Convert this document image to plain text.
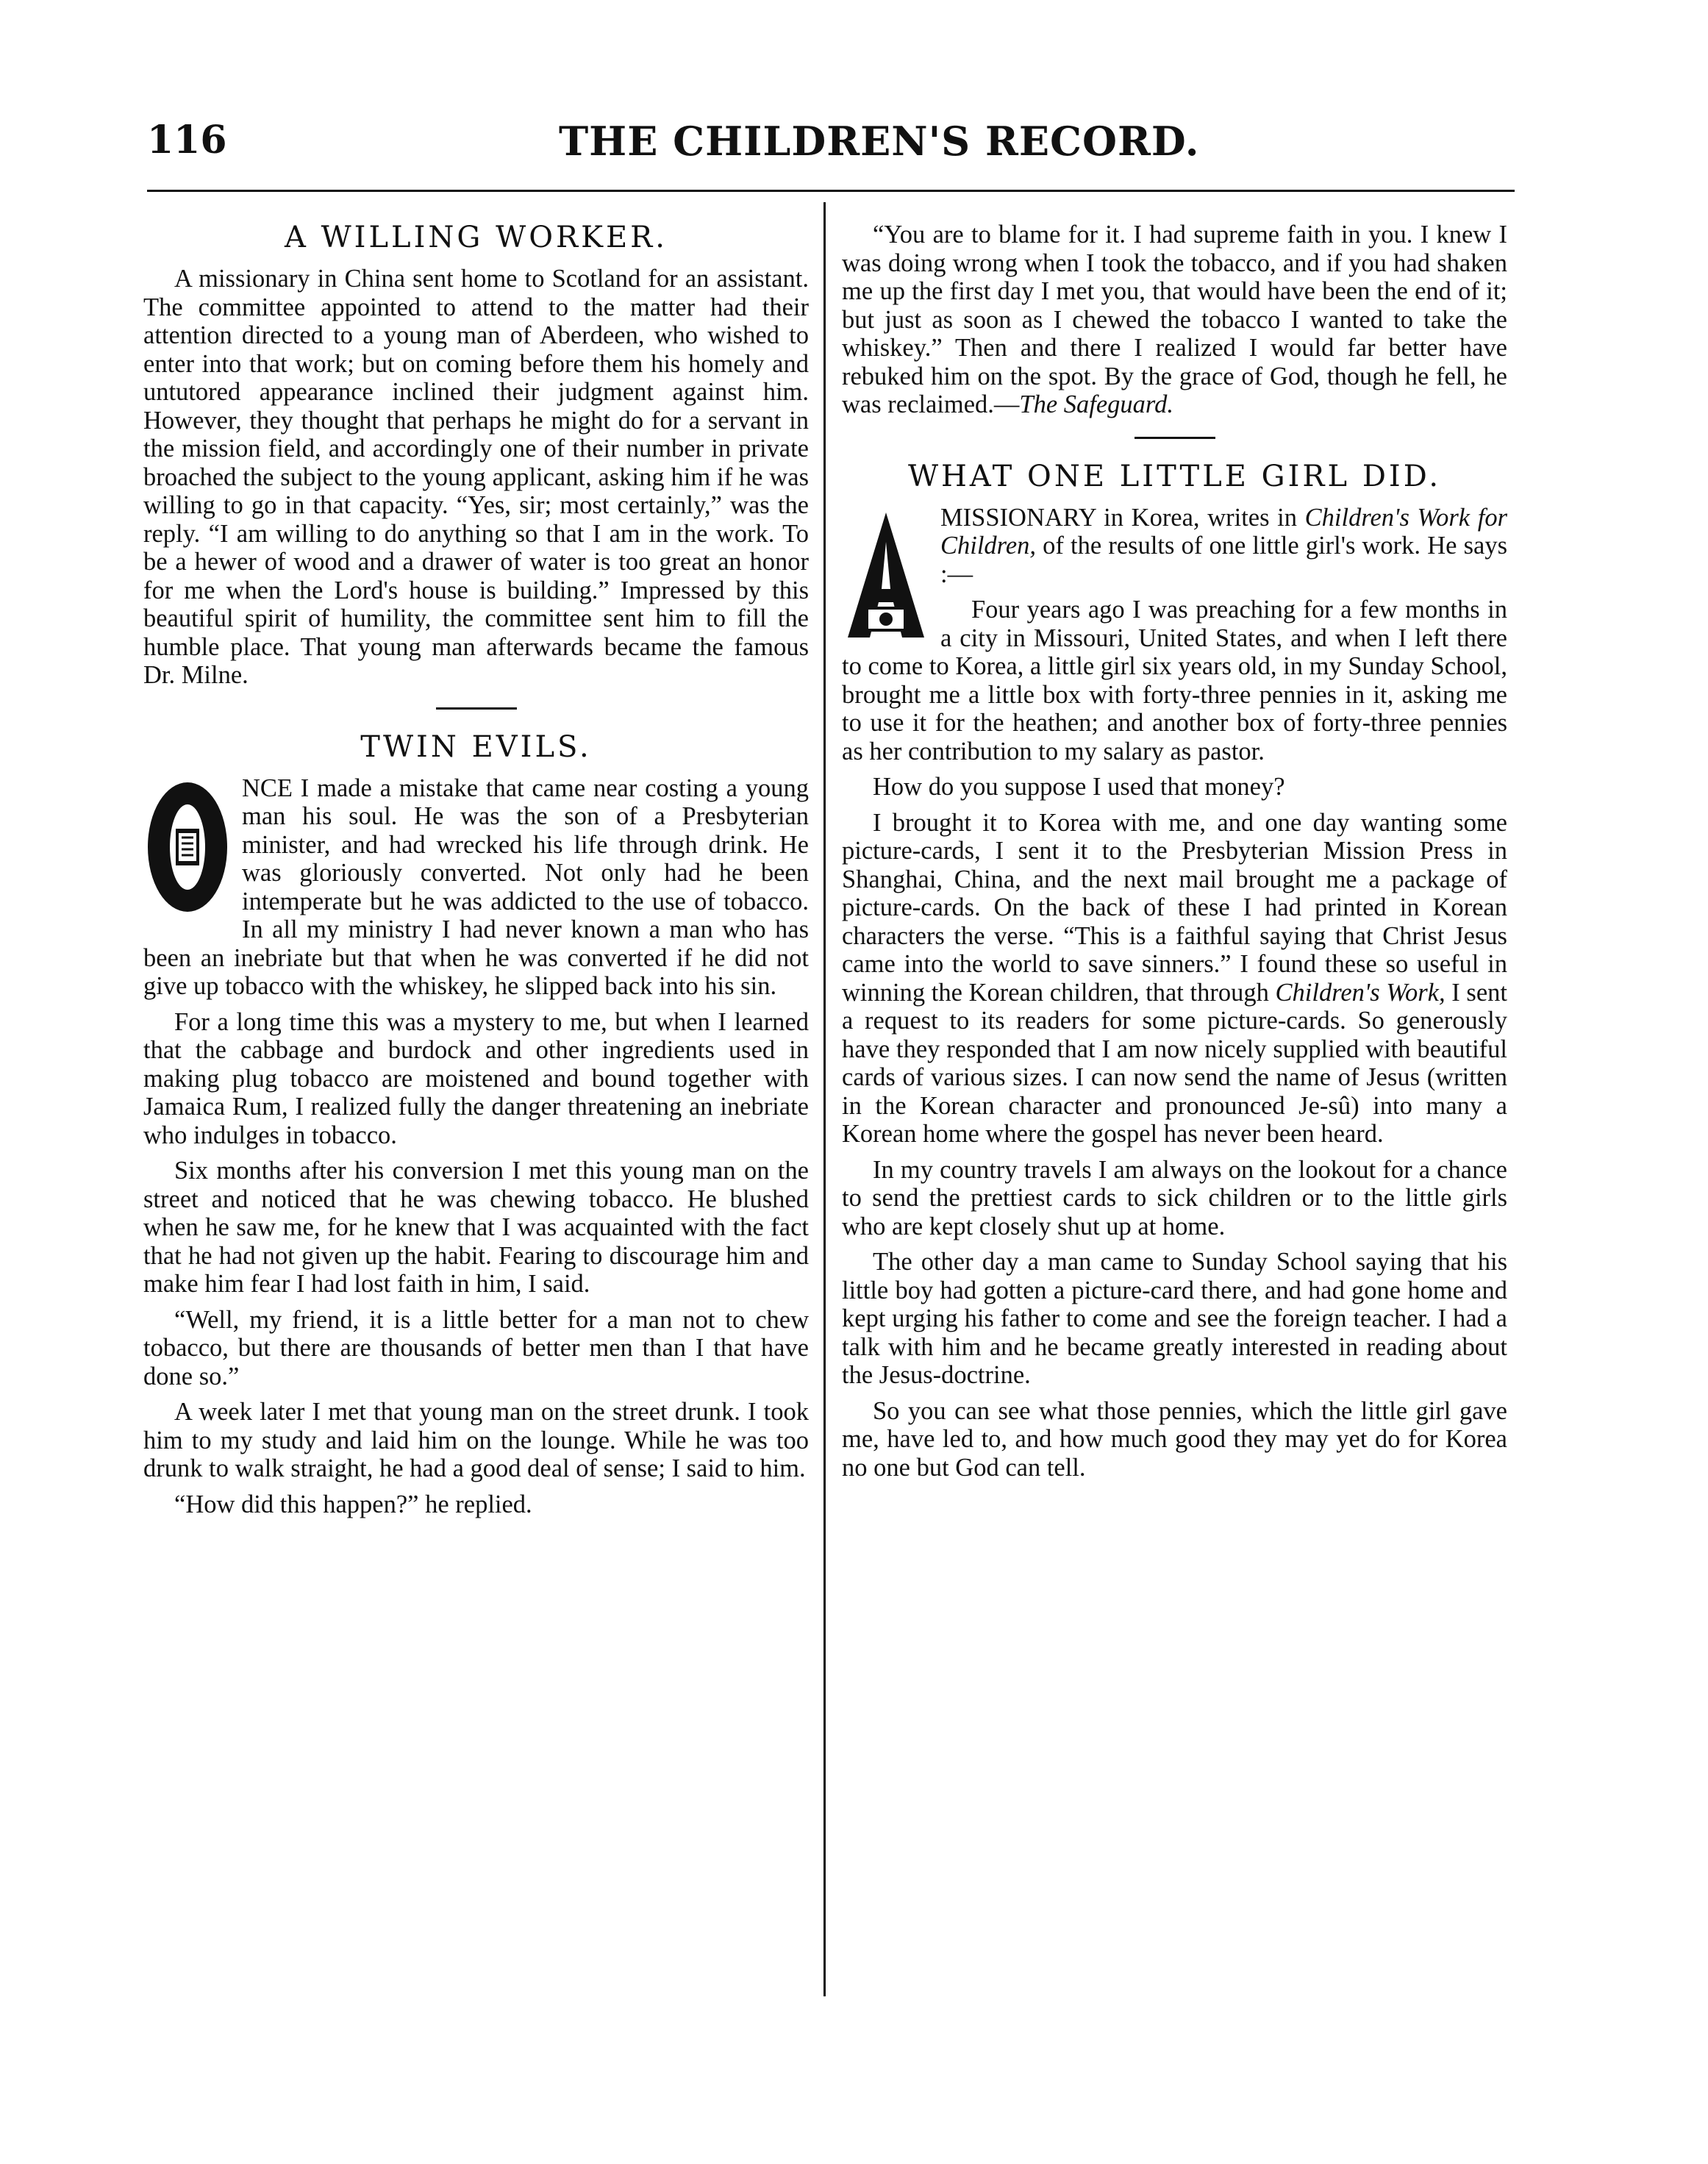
116	THE CHILDREN'S RECORD.
A WILLING WORKER.

A missionary in China sent home to Scotland for an assistant. The committee appointed to attend to the matter had their attention directed to a young man of Aberdeen, who wished to enter into that work; but on coming before them his homely and untutored appearance inclined their judgment against him. However, they thought that perhaps he might do for a servant in the mission field, and accordingly one of their number in private broached the subject to the young applicant, asking him if he was willing to go in that capacity. “Yes, sir; most certainly,” was the reply. “I am willing to do anything so that I am in the work. To be a hewer of wood and a drawer of water is too great an honor for me when the Lord's house is building.” Impressed by this beautiful spirit of humility, the committee sent him to fill the humble place. That young man afterwards became the famous Dr. Milne.

TWIN EVILS.

NCE I made a mistake that came near costing a young man his soul. He was the son of a Presbyterian minister, and had wrecked his life through drink. He was gloriously converted. Not only had he been intemperate but he was addicted to the use of tobacco. In all my ministry I had never known a man who has been an inebriate but that when he was converted if he did not give up tobacco with the whiskey, he slipped back into his sin.

For a long time this was a mystery to me, but when I learned that the cabbage and burdock and other ingredients used in making plug tobacco are moistened and bound together with Jamaica Rum, I realized fully the danger threatening an inebriate who indulges in tobacco.

Six months after his conversion I met this young man on the street and noticed that he was chewing tobacco. He blushed when he saw me, for he knew that I was acquainted with the fact that he had not given up the habit. Fearing to discourage him and make him fear I had lost faith in him, I said.

“Well, my friend, it is a little better for a man not to chew tobacco, but there are thousands of better men than I that have done so.”

A week later I met that young man on the street drunk. I took him to my study and laid him on the lounge. While he was too drunk to walk straight, he had a good deal of sense; I said to him.

“How did this happen?” he replied.

“You are to blame for it. I had supreme faith in you. I knew I was doing wrong when I took the tobacco, and if you had shaken me up the first day I met you, that would have been the end of it; but just as soon as I chewed the tobacco I wanted to take the whiskey.” Then and there I realized I would far better have rebuked him on the spot. By the grace of God, though he fell, he was reclaimed.—The Safeguard.

WHAT ONE LITTLE GIRL DID.

MISSIONARY in Korea, writes in Children's Work for Children, of the results of one little girl's work. He says :—

Four years ago I was preaching for a few months in a city in Missouri, United States, and when I left there to come to Korea, a little girl six years old, in my Sunday School, brought me a little box with forty-three pennies in it, asking me to use it for the heathen; and another box of forty-three pennies as her contribution to my salary as pastor.

How do you suppose I used that money?

I brought it to Korea with me, and one day wanting some picture-cards, I sent it to the Presbyterian Mission Press in Shanghai, China, and the next mail brought me a package of picture-cards. On the back of these I had printed in Korean characters the verse. “This is a faithful saying that Christ Jesus came into the world to save sinners.” I found these so useful in winning the Korean children, that through Children's Work, I sent a request to its readers for some picture-cards. So generously have they responded that I am now nicely supplied with beautiful cards of various sizes. I can now send the name of Jesus (written in the Korean character and pronounced Je-sû) into many a Korean home where the gospel has never been heard.

In my country travels I am always on the lookout for a chance to send the prettiest cards to sick children or to the little girls who are kept closely shut up at home.

The other day a man came to Sunday School saying that his little boy had gotten a picture-card there, and had gone home and kept urging his father to come and see the foreign teacher. I had a talk with him and he became greatly interested in reading about the Jesus-doctrine.

So you can see what those pennies, which the little girl gave me, have led to, and how much good they may yet do for Korea no one but God can tell.
